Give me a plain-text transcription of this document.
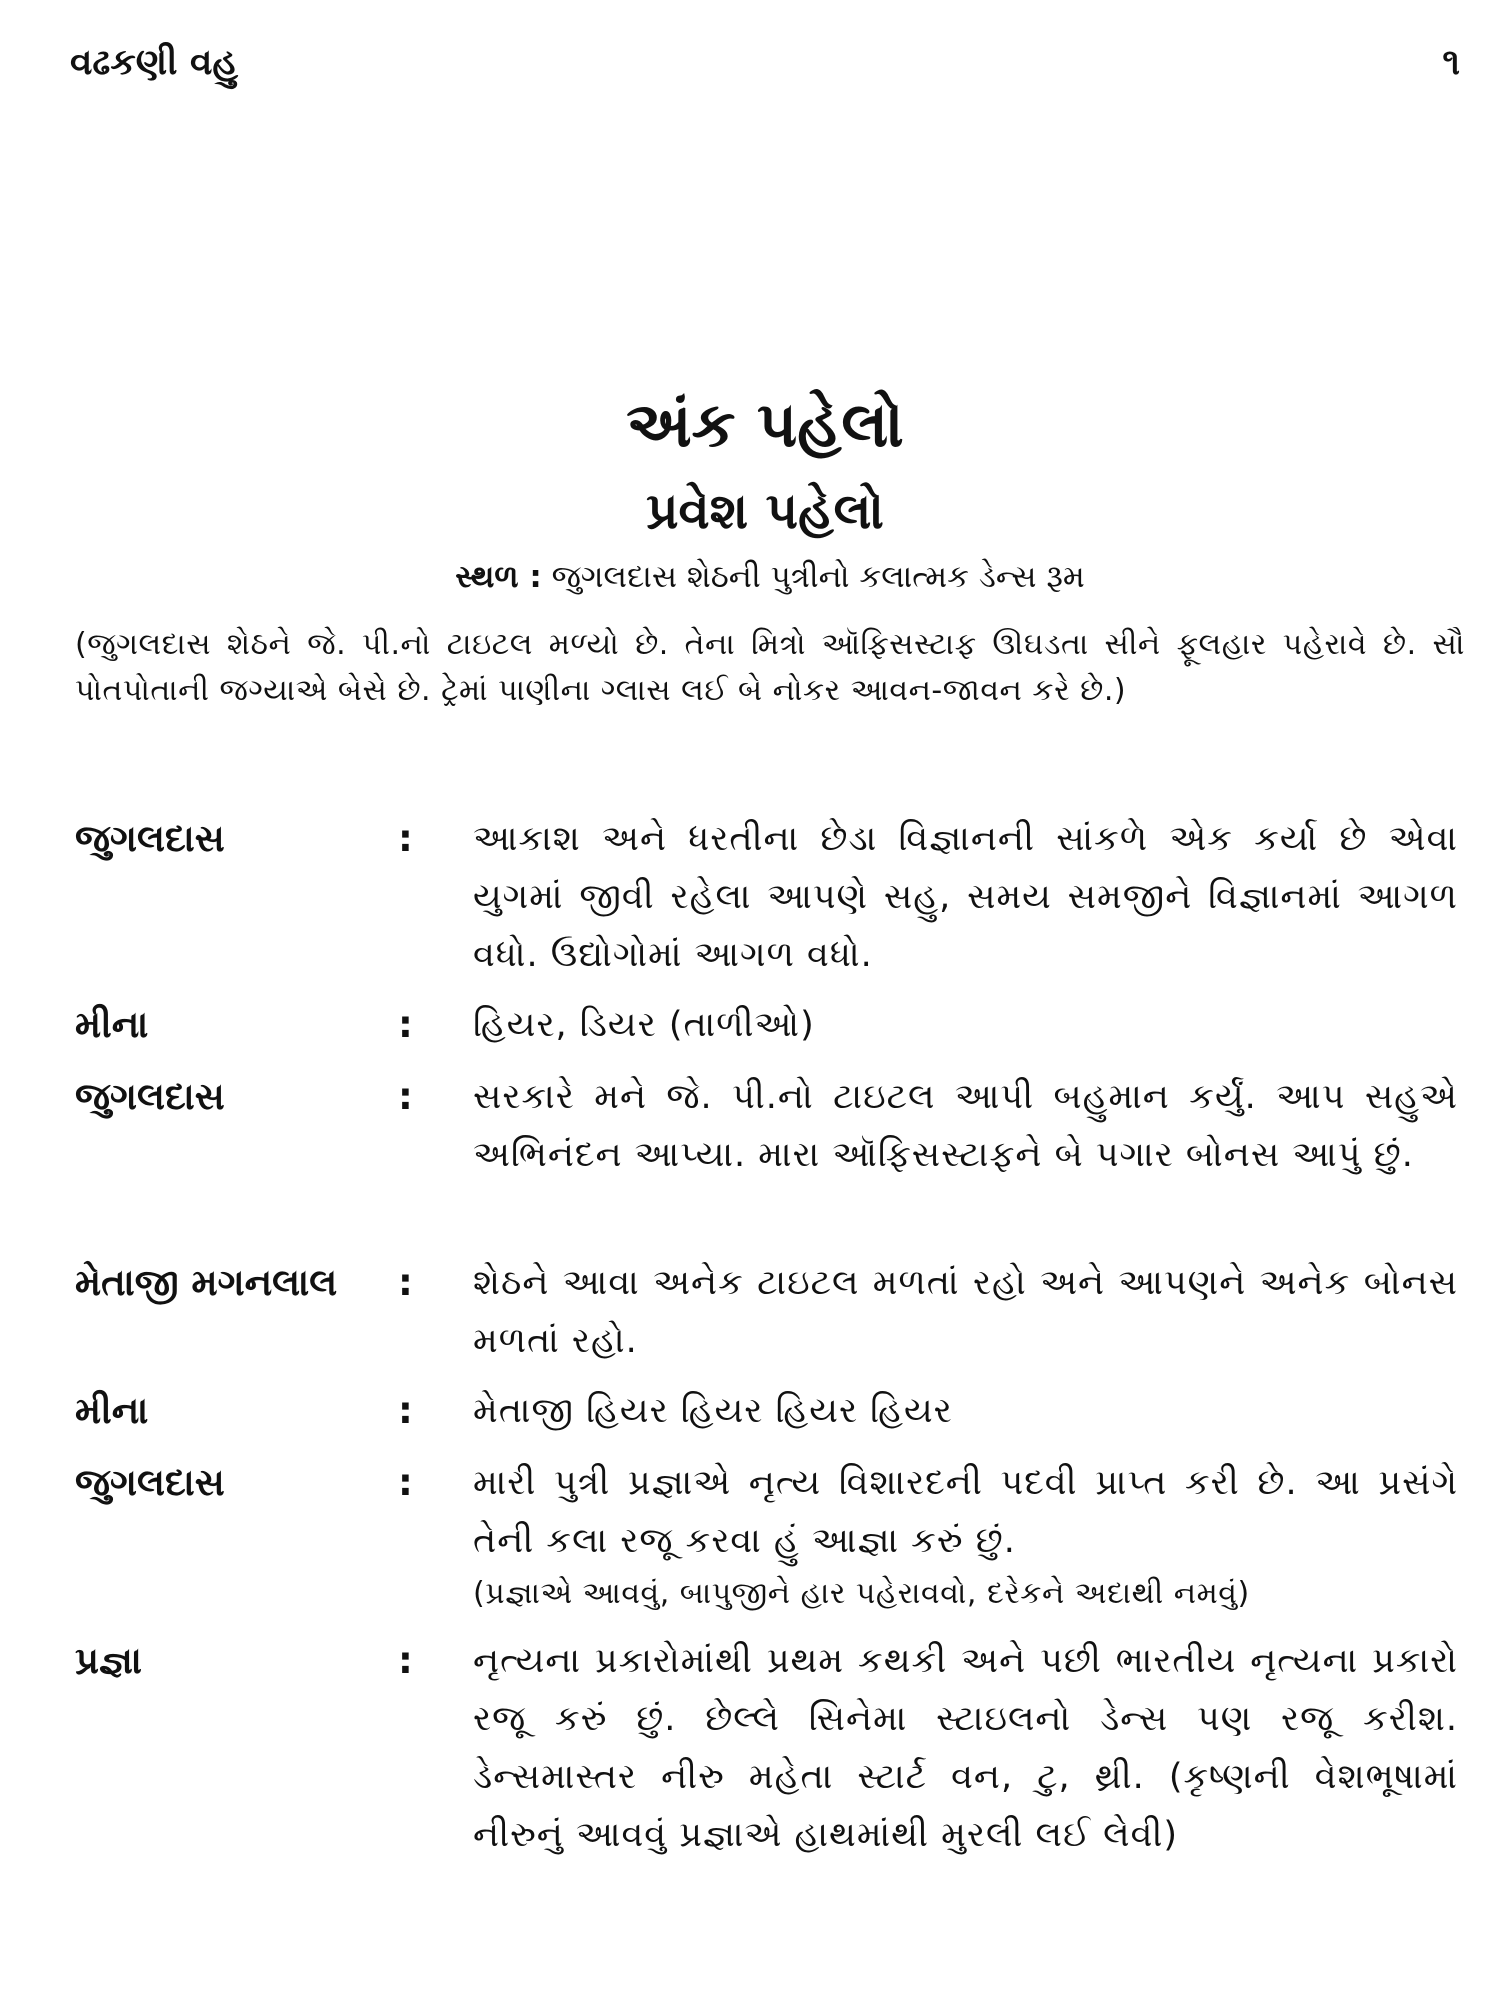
વઢકણી વહુ	૧
અંક પહેલો
પ્રવેશ પહેલો
સ્થળ : જુગલદાસ શેઠની પુત્રીનો કલાત્મક ડેન્સ રૂમ
(જુગલદાસ શેઠને જે. પી.નો ટાઇટલ મળ્યો છે. તેના મિત્રો ઑફિસસ્ટાફ ઊઘડતા સીને ફૂલહાર પહેરાવે છે. સૌ પોતપોતાની જગ્યાએ બેસે છે. ટ્રેમાં પાણીના ગ્લાસ લઈ બે નોકર આવન-જાવન કરે છે.)
જુગલદાસ	: આકાશ અને ધરતીના છેડા વિજ્ઞાનની સાંકળે એક કર્યા છે એવા યુગમાં જીવી રહેલા આપણે સહુ, સમય સમજીને વિજ્ઞાનમાં આગળ વધો. ઉદ્યોગોમાં આગળ વધો.
મીના	: હિયર, ડિયર (તાળીઓ)
જુગલદાસ	: સરકારે મને જે. પી.નો ટાઇટલ આપી બહુમાન કર્યું. આપ સહુએ અભિનંદન આપ્યા. મારા ઑફિસસ્ટાફને બે પગાર બોનસ આપું છું.
મેતાજી મગનલાલ	: શેઠને આવા અનેક ટાઇટલ મળતાં રહો અને આપણને અનેક બોનસ મળતાં રહો.
મીના	: મેતાજી હિયર હિયર હિયર હિયર
જુગલદાસ	: મારી પુત્રી પ્રજ્ઞાએ નૃત્ય વિશારદની પદવી પ્રાપ્ત કરી છે. આ પ્રસંગે તેની કલા રજૂ કરવા હું આજ્ઞા કરું છું.
(પ્રજ્ઞાએ આવવું, બાપુજીને હાર પહેરાવવો, દરેકને અદાથી નમવું)
પ્રજ્ઞા	: નૃત્યના પ્રકારોમાંથી પ્રથમ કથકી અને પછી ભારતીય નૃત્યના પ્રકારો રજૂ કરું છું. છેલ્લે સિનેમા સ્ટાઇલનો ડેન્સ પણ રજૂ કરીશ. ડેન્સમાસ્તર નીરુ મહેતા સ્ટાર્ટ વન, ટુ, થ્રી. (કૃષ્ણની વેશભૂષામાં નીરુનું આવવું પ્રજ્ઞાએ હાથમાંથી મુરલી લઈ લેવી)
